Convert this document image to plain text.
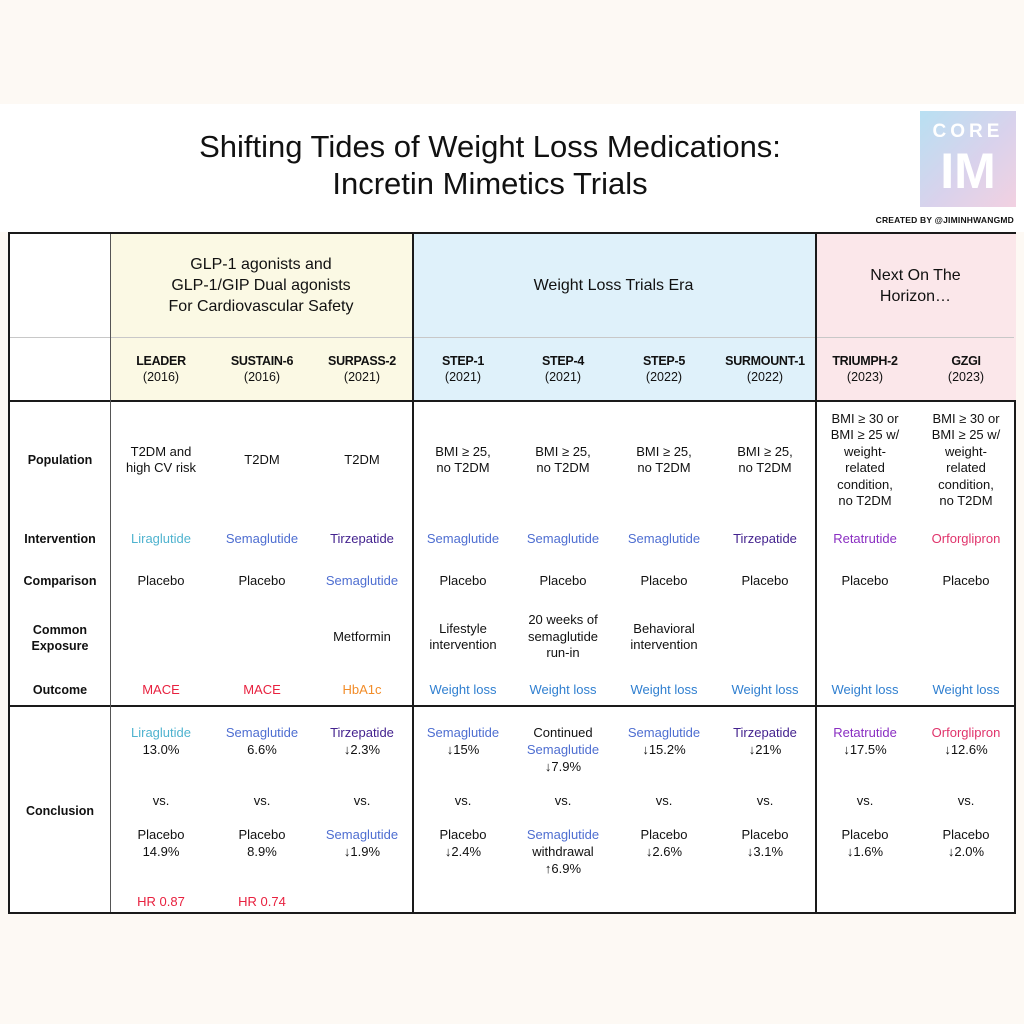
Shifting Tides of Weight Loss Medications:
Incretin Mimetics Trials
CORE
IM
CREATED BY @JIMINHWANGMD
GLP-1 agonists and
GLP-1/GIP Dual agonists
For Cardiovascular Safety
Weight Loss Trials Era
Next On The
Horizon…
Population
Intervention
Comparison
Common
Exposure
Outcome
Conclusion
LEADER
(2016)
T2DM and
high CV risk
Liraglutide
Placebo
MACE
Liraglutide
13.0%
vs.
Placebo
14.9%
HR 0.87
SUSTAIN-6
(2016)
T2DM
Semaglutide
Placebo
MACE
Semaglutide
6.6%
vs.
Placebo
8.9%
HR 0.74
SURPASS-2
(2021)
T2DM
Tirzepatide
Semaglutide
Metformin
HbA1c
Tirzepatide
↓2.3%
vs.
Semaglutide
↓1.9%
STEP-1
(2021)
BMI ≥ 25,
no T2DM
Semaglutide
Placebo
Lifestyle
intervention
Weight loss
Semaglutide
↓15%
vs.
Placebo
↓2.4%
STEP-4
(2021)
BMI ≥ 25,
no T2DM
Semaglutide
Placebo
20 weeks of
semaglutide
run-in
Weight loss
Continued
Semaglutide
↓7.9%
vs.
Semaglutide
withdrawal
↑6.9%
STEP-5
(2022)
BMI ≥ 25,
no T2DM
Semaglutide
Placebo
Behavioral
intervention
Weight loss
Semaglutide
↓15.2%
vs.
Placebo
↓2.6%
SURMOUNT-1
(2022)
BMI ≥ 25,
no T2DM
Tirzepatide
Placebo
Weight loss
Tirzepatide
↓21%
vs.
Placebo
↓3.1%
TRIUMPH-2
(2023)
BMI ≥ 30 or
BMI ≥ 25 w/
weight-
related
condition,
no T2DM
Retatrutide
Placebo
Weight loss
Retatrutide
↓17.5%
vs.
Placebo
↓1.6%
GZGI
(2023)
BMI ≥ 30 or
BMI ≥ 25 w/
weight-
related
condition,
no T2DM
Orforglipron
Placebo
Weight loss
Orforglipron
↓12.6%
vs.
Placebo
↓2.0%
